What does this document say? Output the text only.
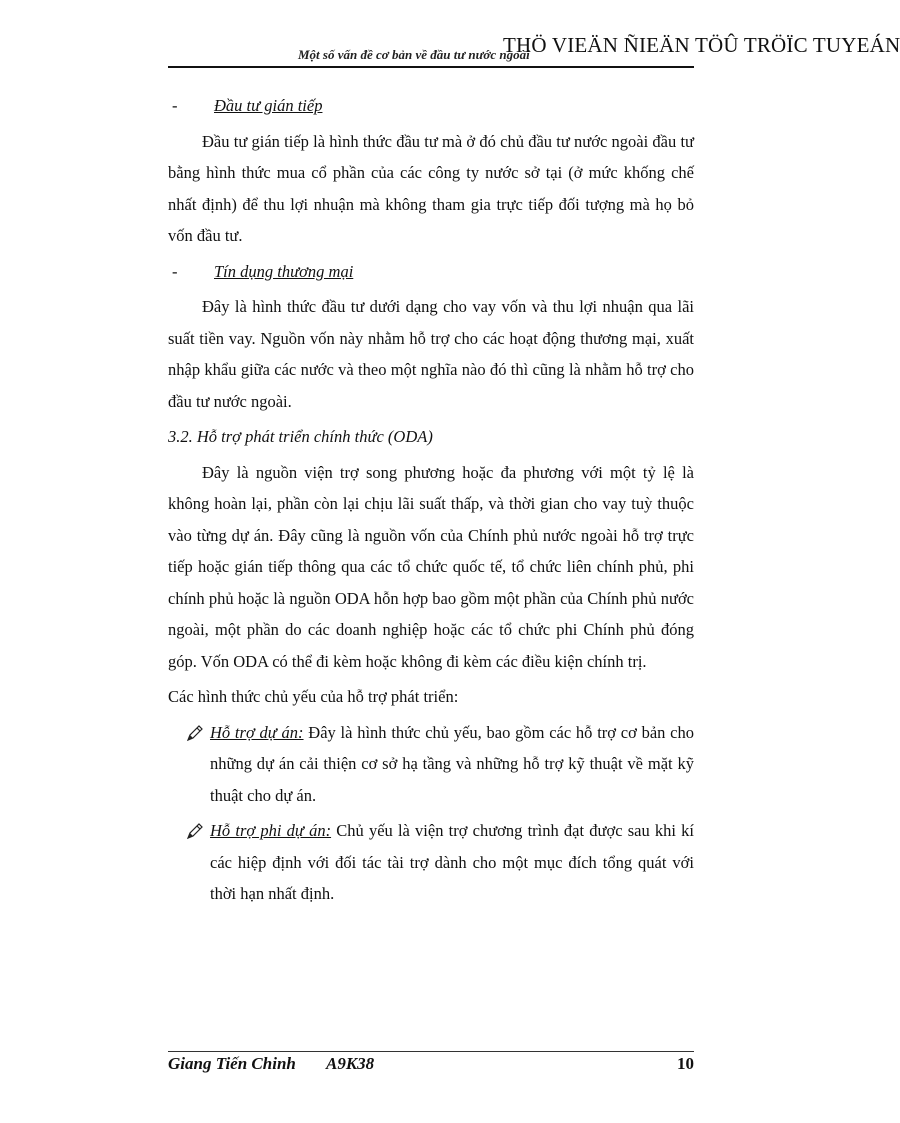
Một số vấn đề cơ bản về đầu tư nước ngoài
THÖ VIEÄN ÑIEÄN TÖÛ TRÖÏC TUYEÁN
- Đầu tư gián tiếp

Đầu tư gián tiếp là hình thức đầu tư mà ở đó chủ đầu tư nước ngoài đầu tư bằng hình thức mua cổ phần của các công ty nước sở tại (ở mức khống chế nhất định) để thu lợi nhuận mà không tham gia trực tiếp đối tượng mà họ bỏ vốn đầu tư.

- Tín dụng thương mại

Đây là hình thức đầu tư dưới dạng cho vay vốn và thu lợi nhuận qua lãi suất tiền vay. Nguồn vốn này nhằm hỗ trợ cho các hoạt động thương mại, xuất nhập khẩu giữa các nước và theo một nghĩa nào đó thì cũng là nhằm hỗ trợ cho đầu tư nước ngoài.

3.2. Hỗ trợ phát triển chính thức (ODA)

Đây là nguồn viện trợ song phương hoặc đa phương với một tỷ lệ là không hoàn lại, phần còn lại chịu lãi suất thấp, và thời gian cho vay tuỳ thuộc vào từng dự án. Đây cũng là nguồn vốn của Chính phủ nước ngoài hỗ trợ trực tiếp hoặc gián tiếp thông qua các tổ chức quốc tế, tổ chức liên chính phủ, phi chính phủ hoặc là nguồn ODA hỗn hợp bao gồm một phần của Chính phủ nước ngoài, một phần do các doanh nghiệp hoặc các tổ chức phi Chính phủ đóng góp. Vốn ODA có thể đi kèm hoặc không đi kèm các điều kiện chính trị.

Các hình thức chủ yếu của hỗ trợ phát triển:

Hỗ trợ dự án: Đây là hình thức chủ yếu, bao gồm các hỗ trợ cơ bản cho những dự án cải thiện cơ sở hạ tầng và những hỗ trợ kỹ thuật về mặt kỹ thuật cho dự án.
Hỗ trợ phi dự án: Chủ yếu là viện trợ chương trình đạt được sau khi kí các hiệp định với đối tác tài trợ dành cho một mục đích tổng quát với thời hạn nhất định.
Giang Tiến Chinh A9K38	10
